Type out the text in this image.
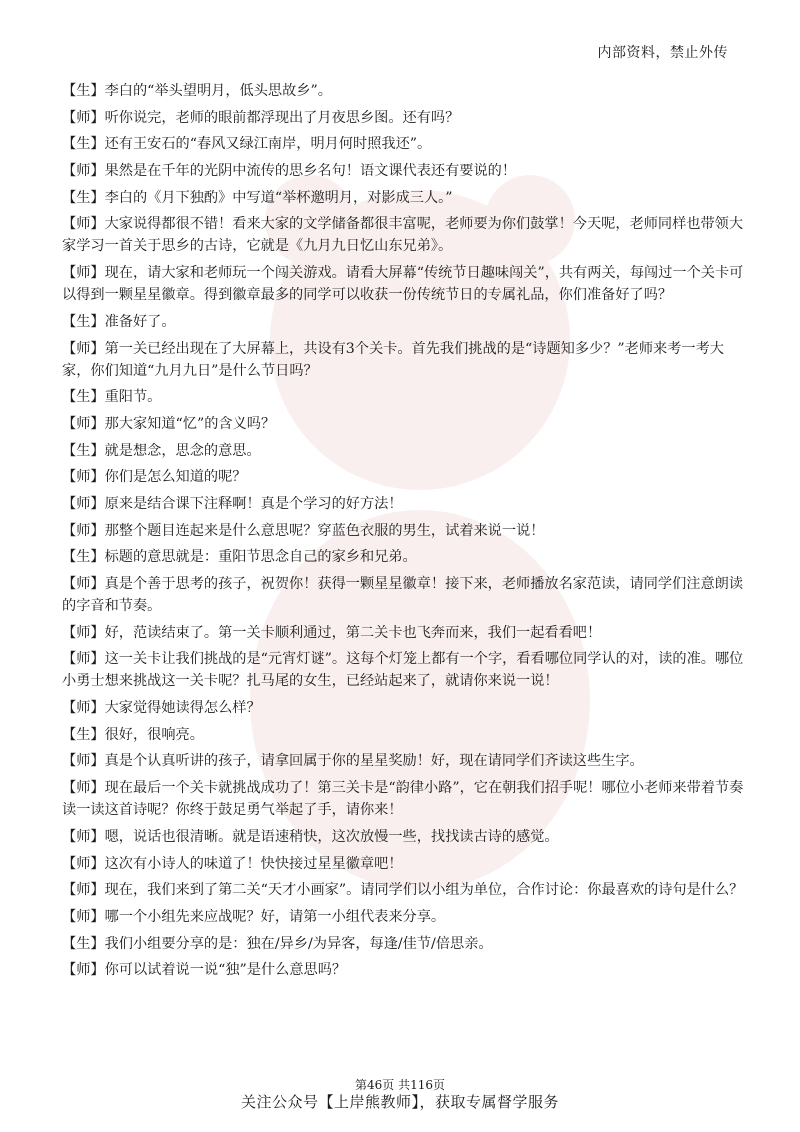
内部资料，禁止外传
【生】李白的“举头望明月，低头思故乡”。
【师】听你说完，老师的眼前都浮现出了月夜思乡图。还有吗？
【生】还有王安石的“春风又绿江南岸，明月何时照我还”。
【师】果然是在千年的光阴中流传的思乡名句！语文课代表还有要说的！
【生】李白的《月下独酌》中写道“举杯邀明月，对影成三人。”
【师】大家说得都很不错！看来大家的文学储备都很丰富呢，老师要为你们鼓掌！今天呢，老师同样也带领大家学习一首关于思乡的古诗，它就是《九月九日忆山东兄弟》。
【师】现在，请大家和老师玩一个闯关游戏。请看大屏幕“传统节日趣味闯关”，共有两关，每闯过一个关卡可以得到一颗星星徽章。得到徽章最多的同学可以收获一份传统节日的专属礼品，你们准备好了吗？
【生】准备好了。
【师】第一关已经出现在了大屏幕上，共设有3个关卡。首先我们挑战的是“诗题知多少？”老师来考一考大家，你们知道“九月九日”是什么节日吗？
【生】重阳节。
【师】那大家知道“忆”的含义吗？
【生】就是想念，思念的意思。
【师】你们是怎么知道的呢？
【师】原来是结合课下注释啊！真是个学习的好方法！
【师】那整个题目连起来是什么意思呢？穿蓝色衣服的男生，试着来说一说！
【生】标题的意思就是：重阳节思念自己的家乡和兄弟。
【师】真是个善于思考的孩子，祝贺你！获得一颗星星徽章！接下来，老师播放名家范读，请同学们注意朗读的字音和节奏。
【师】好，范读结束了。第一关卡顺利通过，第二关卡也飞奔而来，我们一起看看吧！
【师】这一关卡让我们挑战的是“元宵灯谜”。这每个灯笼上都有一个字，看看哪位同学认的对，读的准。哪位小勇士想来挑战这一关卡呢？扎马尾的女生，已经站起来了，就请你来说一说！
【师】大家觉得她读得怎么样？
【生】很好，很响亮。
【师】真是个认真听讲的孩子，请拿回属于你的星星奖励！好，现在请同学们齐读这些生字。
【师】现在最后一个关卡就挑战成功了！第三关卡是“韵律小路”，它在朝我们招手呢！哪位小老师来带着节奏读一读这首诗呢？你终于鼓足勇气举起了手，请你来！
【师】嗯，说话也很清晰。就是语速稍快，这次放慢一些，找找读古诗的感觉。
【师】这次有小诗人的味道了！快快接过星星徽章吧！
【师】现在，我们来到了第二关“天才小画家”。请同学们以小组为单位，合作讨论：你最喜欢的诗句是什么？
【师】哪一个小组先来应战呢？好，请第一小组代表来分享。
【生】我们小组要分享的是：独在/异乡/为异客，每逢/佳节/倍思亲。
【师】你可以试着说一说“独”是什么意思吗？
第46页 共116页
关注公众号【上岸熊教师】，获取专属督学服务
